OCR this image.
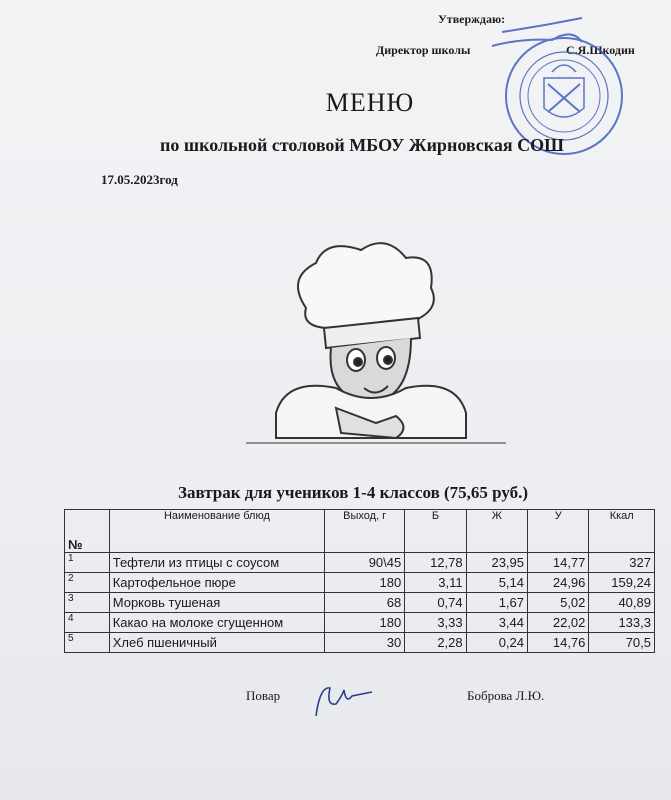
Утверждаю:
Директор школы	С.Я.Шкодин
МЕНЮ
по школьной столовой МБОУ Жирновская СОШ
17.05.2023год
Завтрак для учеников 1-4 классов (75,65 руб.)
№	Наименование блюд	Выход, г	Б	Ж	У	Ккал
1	Тефтели из птицы с соусом	90\45	12,78	23,95	14,77	327
2	Картофельное пюре	180	3,11	5,14	24,96	159,24
3	Морковь тушеная	68	0,74	1,67	5,02	40,89
4	Какао на молоке сгущенном	180	3,33	3,44	22,02	133,3
5	Хлеб пшеничный	30	2,28	0,24	14,76	70,5
Повар	Боброва Л.Ю.
